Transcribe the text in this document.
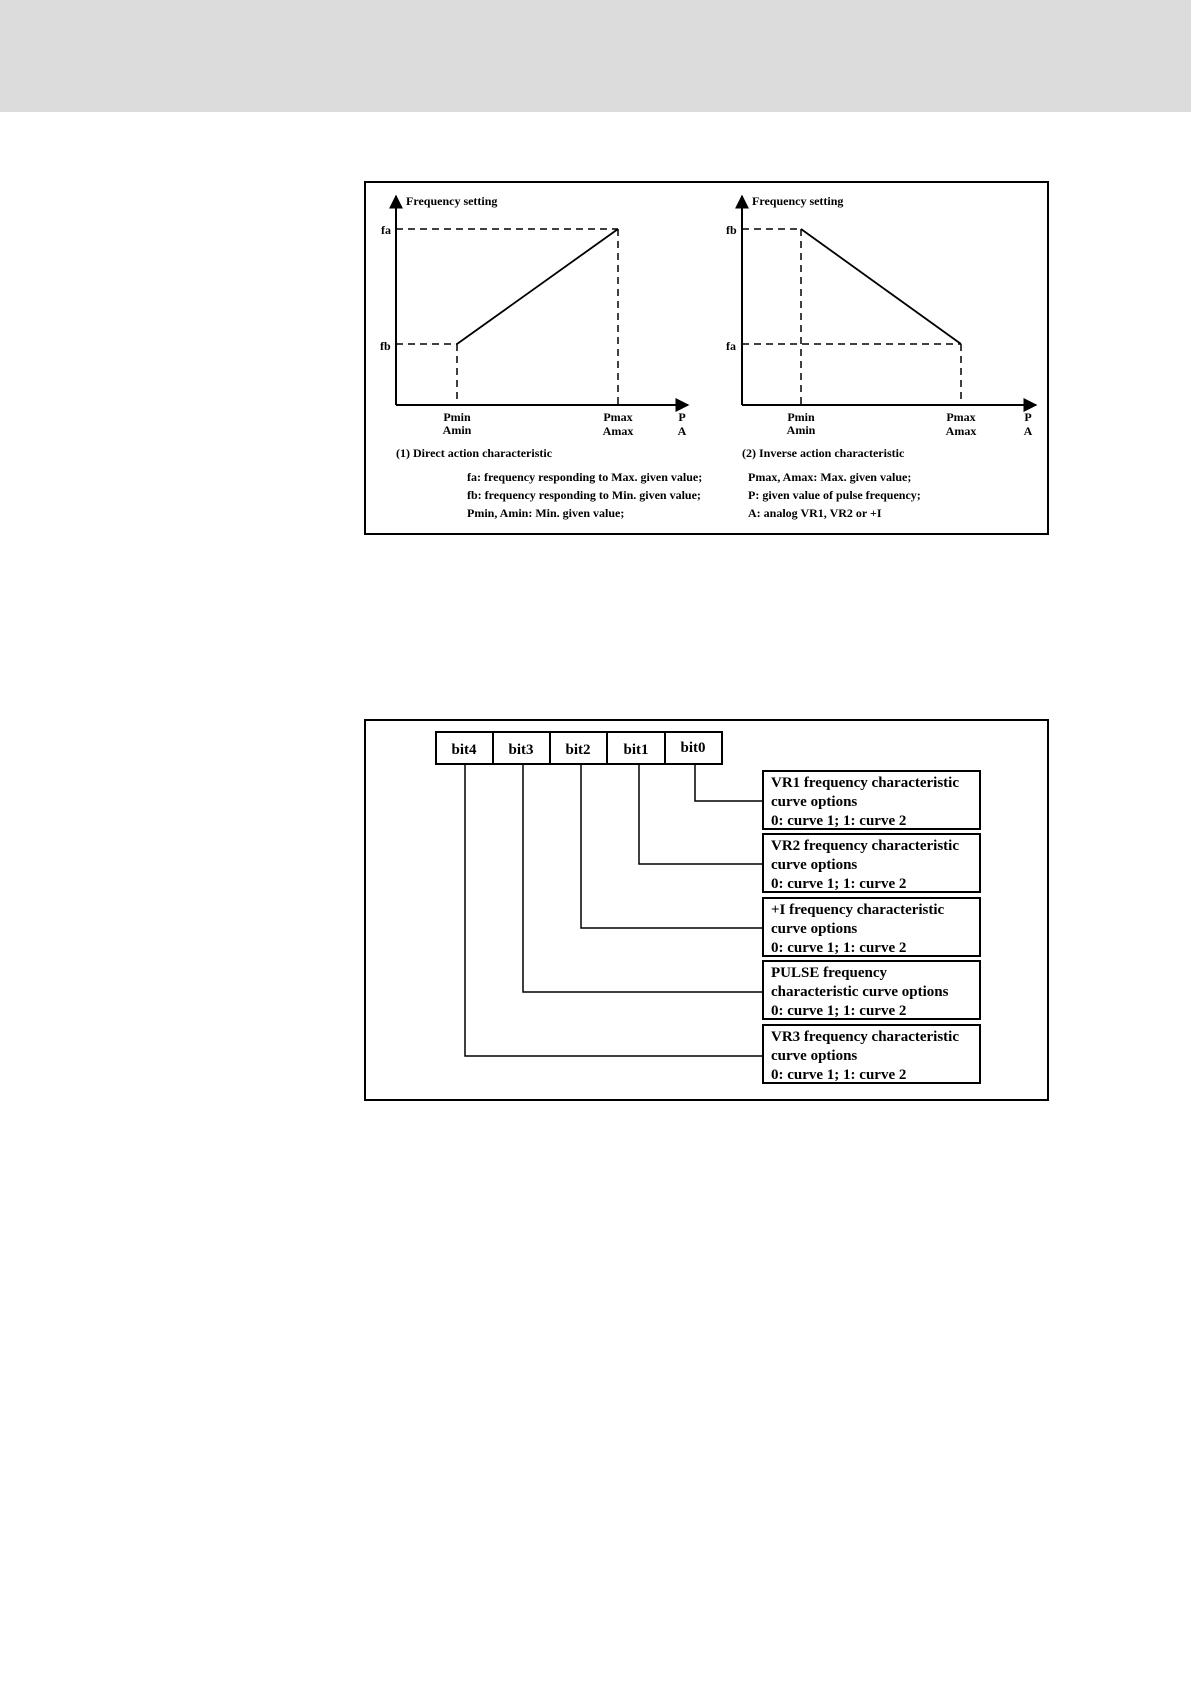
Frequency setting
fa
fb
Pmin
Amin
Pmax
Amax
P
A
(1) Direct action characteristic
Frequency setting
fb
fa
Pmin
Amin
Pmax
Amax
P
A
(2) Inverse action characteristic
fa: frequency responding to Max. given value;
fb: frequency responding to Min. given value;
Pmin, Amin: Min. given value;
Pmax, Amax: Max. given value;
P: given value of pulse frequency;
A: analog VR1, VR2 or +I
bit4 bit3 bit2 bit1 bit0
VR1 frequency characteristic
curve options
0: curve 1; 1: curve 2
VR2 frequency characteristic
curve options
0: curve 1; 1: curve 2
+I frequency characteristic
curve options
0: curve 1; 1: curve 2
PULSE frequency
characteristic curve options
0: curve 1; 1: curve 2
VR3 frequency characteristic
curve options
0: curve 1; 1: curve 2
